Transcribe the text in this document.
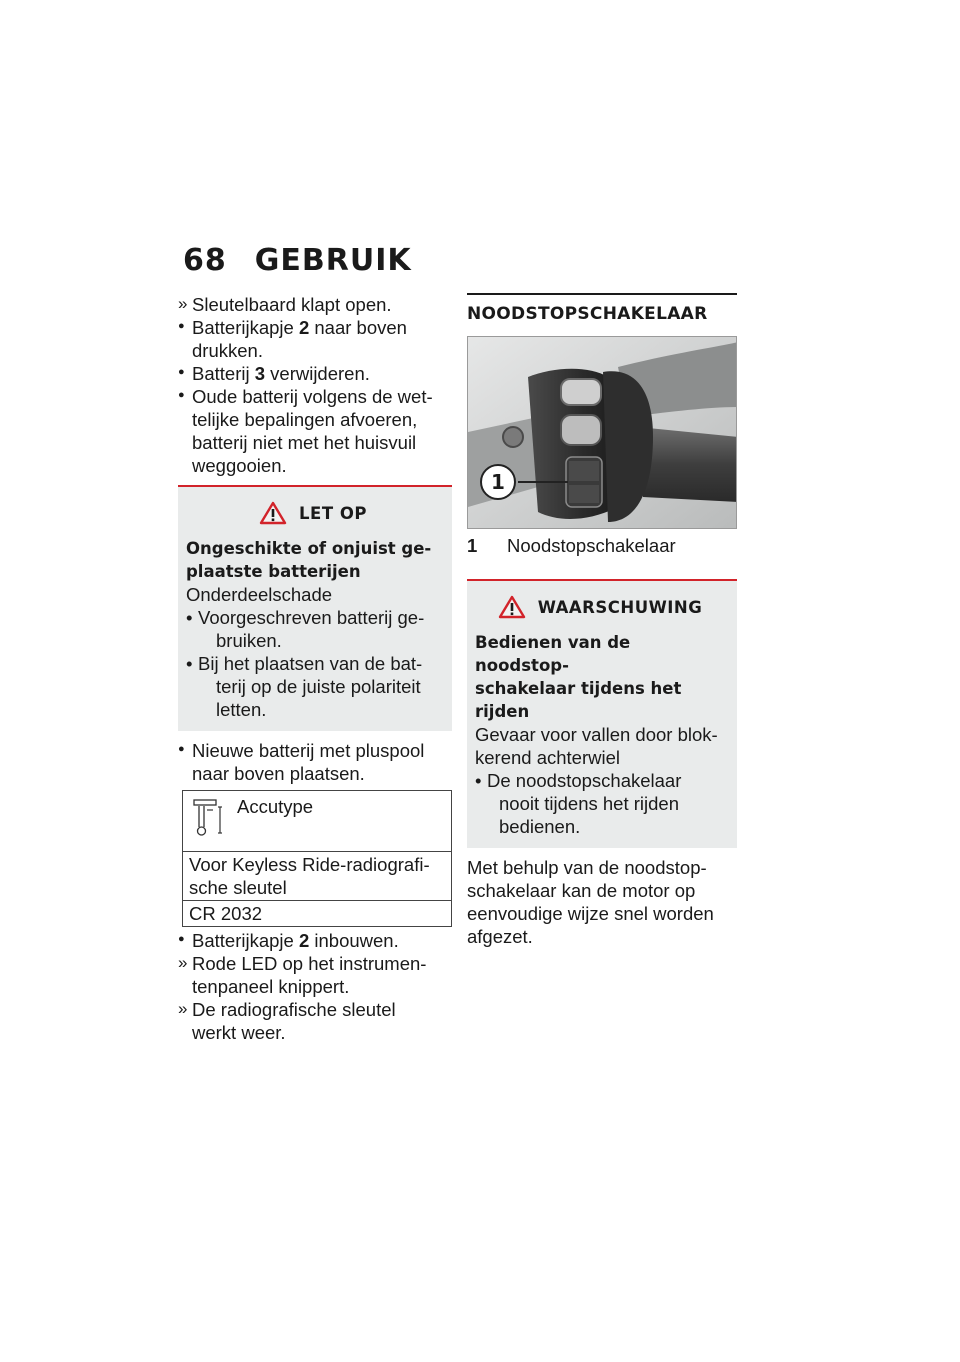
68 GEBRUIK
» Sleutelbaard klapt open.
● Batterijkapje 2 naar boven
drukken.
● Batterij 3 verwijderen.
● Oude batterij volgens de wet-
telijke bepalingen afvoeren,
batterij niet met het huisvuil
weggooien.
LET OP
Ongeschikte of onjuist ge-
plaatste batterijen
Onderdeelschade
• Voorgeschreven batterij ge-
bruiken.
• Bij het plaatsen van de bat-
terij op de juiste polariteit
letten.
● Nieuwe batterij met pluspool
naar boven plaatsen.
Accutype
Voor Keyless Ride-radiografi-
sche sleutel
CR 2032
● Batterijkapje 2 inbouwen.
» Rode LED op het instrumen-
tenpaneel knippert.
» De radiografische sleutel
werkt weer.
NOODSTOPSCHAKELAAR
1
1	Noodstopschakelaar
WAARSCHUWING
Bedienen van de noodstop-
schakelaar tijdens het rijden
Gevaar voor vallen door blok-
kerend achterwiel
• De noodstopschakelaar
nooit tijdens het rijden
bedienen.
Met behulp van de noodstop-
schakelaar kan de motor op
eenvoudige wijze snel worden
afgezet.
